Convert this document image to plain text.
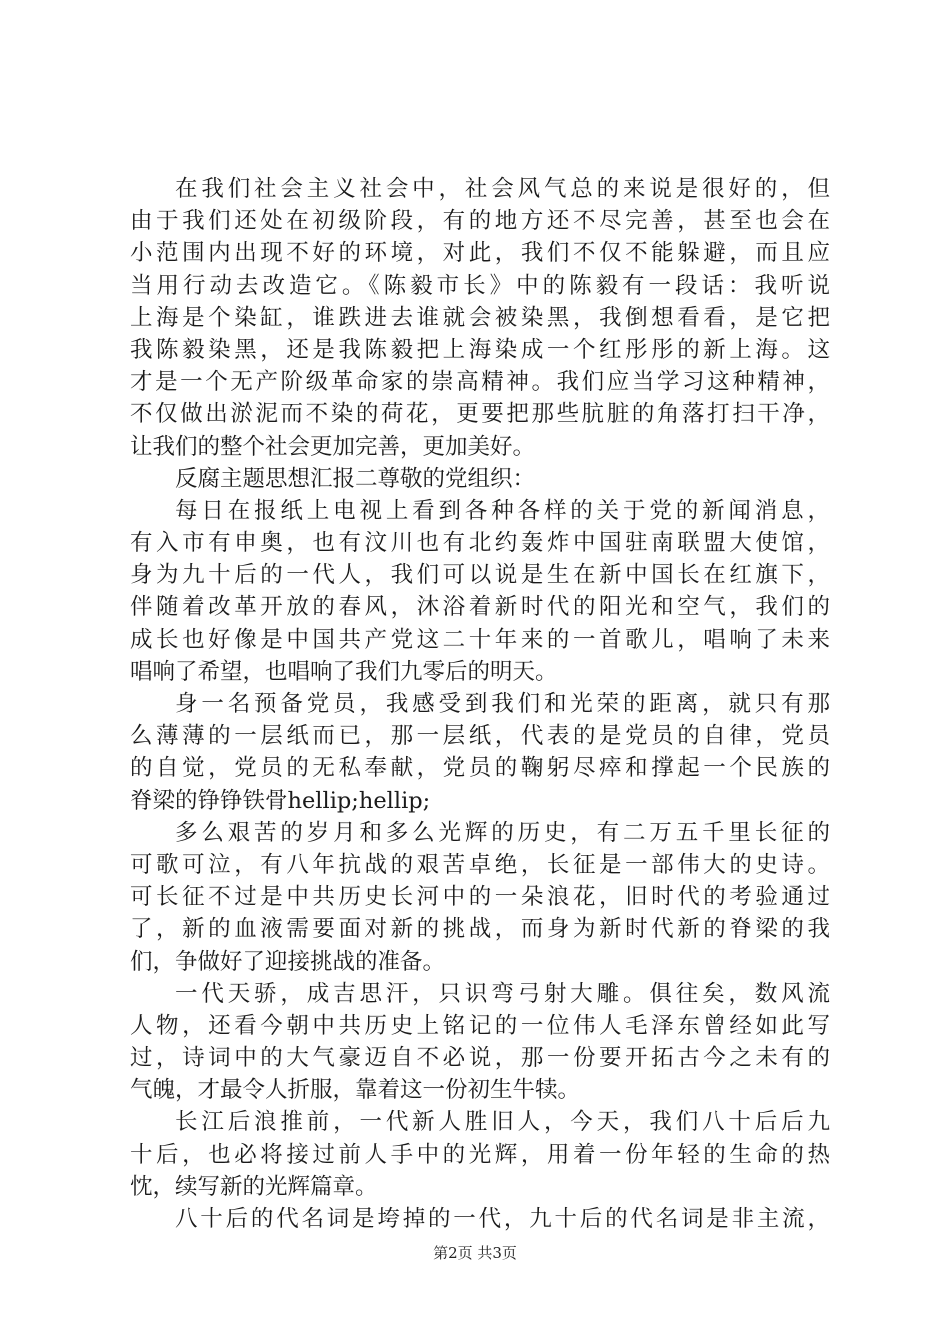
在我们社会主义社会中，社会风气总的来说是很好的，但
由于我们还处在初级阶段，有的地方还不尽完善，甚至也会在
小范围内出现不好的环境，对此，我们不仅不能躲避，而且应
当用行动去改造它。《陈毅市长》中的陈毅有一段话：我听说
上海是个染缸，谁跌进去谁就会被染黑，我倒想看看，是它把
我陈毅染黑，还是我陈毅把上海染成一个红彤彤的新上海。这
才是一个无产阶级革命家的崇高精神。我们应当学习这种精神，
不仅做出淤泥而不染的荷花，更要把那些肮脏的角落打扫干净，
让我们的整个社会更加完善，更加美好。
反腐主题思想汇报二尊敬的党组织：
每日在报纸上电视上看到各种各样的关于党的新闻消息，
有入市有申奥，也有汶川也有北约轰炸中国驻南联盟大使馆，
身为九十后的一代人，我们可以说是生在新中国长在红旗下，
伴随着改革开放的春风，沐浴着新时代的阳光和空气，我们的
成长也好像是中国共产党这二十年来的一首歌儿，唱响了未来
唱响了希望，也唱响了我们九零后的明天。
身一名预备党员，我感受到我们和光荣的距离，就只有那
么薄薄的一层纸而已，那一层纸，代表的是党员的自律，党员
的自觉，党员的无私奉献，党员的鞠躬尽瘁和撑起一个民族的
脊梁的铮铮铁骨hellip;hellip;
多么艰苦的岁月和多么光辉的历史，有二万五千里长征的
可歌可泣，有八年抗战的艰苦卓绝，长征是一部伟大的史诗。
可长征不过是中共历史长河中的一朵浪花，旧时代的考验通过
了，新的血液需要面对新的挑战，而身为新时代新的脊梁的我
们，争做好了迎接挑战的准备。
一代天骄，成吉思汗，只识弯弓射大雕。俱往矣，数风流
人物，还看今朝中共历史上铭记的一位伟人毛泽东曾经如此写
过，诗词中的大气豪迈自不必说，那一份要开拓古今之未有的
气魄，才最令人折服，靠着这一份初生牛犊。
长江后浪推前，一代新人胜旧人，今天，我们八十后后九
十后，也必将接过前人手中的光辉，用着一份年轻的生命的热
忱，续写新的光辉篇章。
八十后的代名词是垮掉的一代，九十后的代名词是非主流，
第2页 共3页
